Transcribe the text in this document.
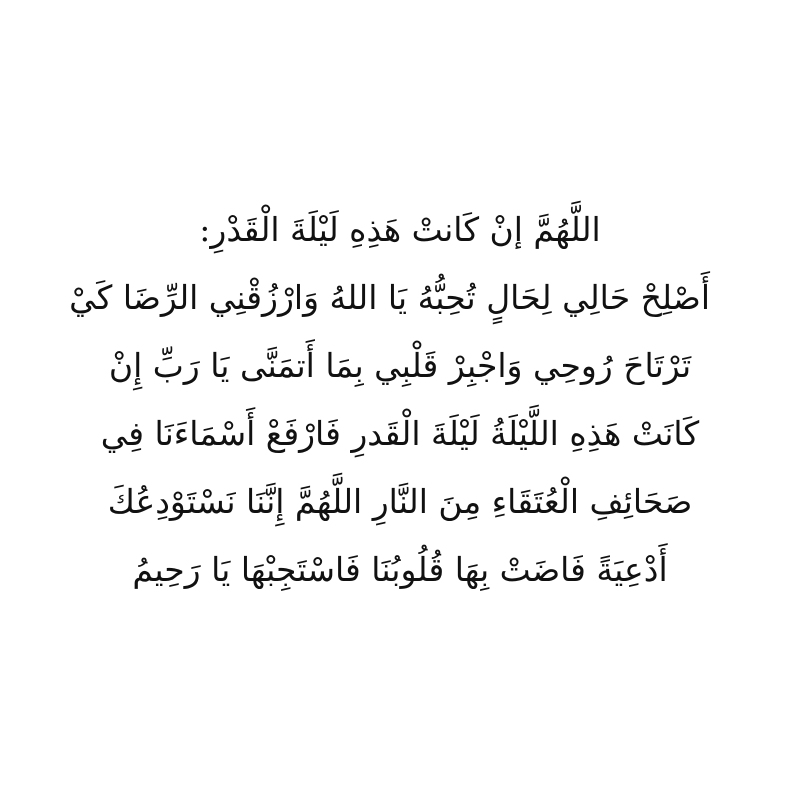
اللَّهُمَّ إنْ كَانتْ هَذِهِ لَيْلَةَ الْقَدْرِ:
أَصْلِحْ حَالِي لِحَالٍ تُحِبُّهُ يَا اللهُ وَارْزُقْنِي الرِّضَا كَيْ
تَرْتَاحَ رُوحِي وَاجْبِرْ قَلْبِي بِمَا أَتمَنَّى يَا رَبِّ إِنْ
كَانَتْ هَذِهِ اللَّيْلَةُ لَيْلَةَ الْقَدرِ فَارْفَعْ أَسْمَاءَنَا فِي
صَحَائِفِ الْعُتَقَاءِ مِنَ النَّارِ اللَّهُمَّ إِنَّنَا نَسْتَوْدِعُكَ
أَدْعِيَةً فَاضَتْ بِهَا قُلُوبُنَا فَاسْتَجِبْهَا يَا رَحِيمُ
